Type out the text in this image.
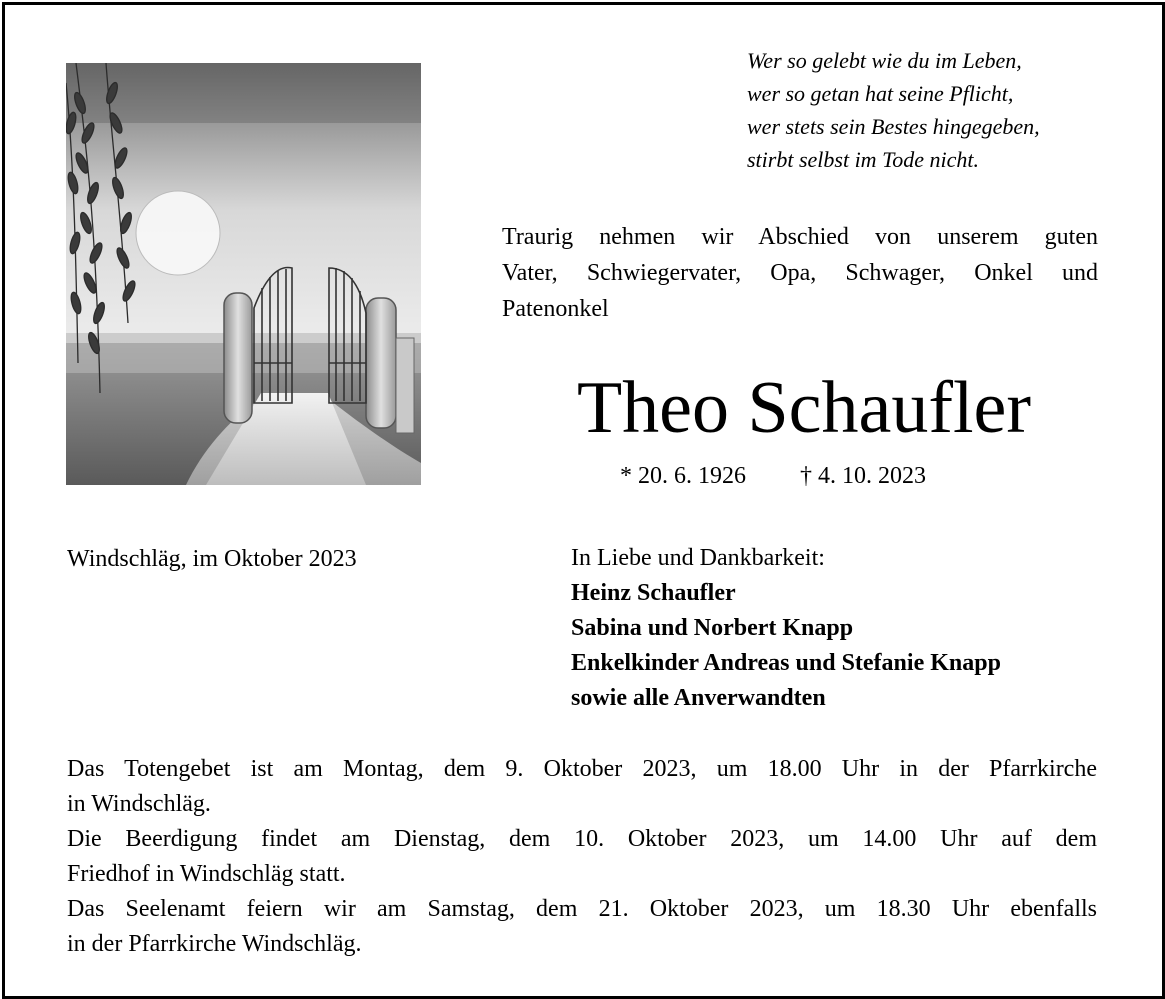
Wer so gelebt wie du im Leben,
wer so getan hat seine Pflicht,
wer stets sein Bestes hingegeben,
stirbt selbst im Tode nicht.
Traurig nehmen wir Abschied von unserem guten
Vater, Schwiegervater, Opa, Schwager, Onkel und
Patenonkel
Theo Schaufler
* 20. 6. 1926 † 4. 10. 2023
Windschläg, im Oktober 2023	In Liebe und Dankbarkeit:
Heinz Schaufler
Sabina und Norbert Knapp
Enkelkinder Andreas und Stefanie Knapp
sowie alle Anverwandten
Das Totengebet ist am Montag, dem 9. Oktober 2023, um 18.00 Uhr in der Pfarrkirche
in Windschläg.
Die Beerdigung findet am Dienstag, dem 10. Oktober 2023, um 14.00 Uhr auf dem
Friedhof in Windschläg statt.
Das Seelenamt feiern wir am Samstag, dem 21. Oktober 2023, um 18.30 Uhr ebenfalls
in der Pfarrkirche Windschläg.
